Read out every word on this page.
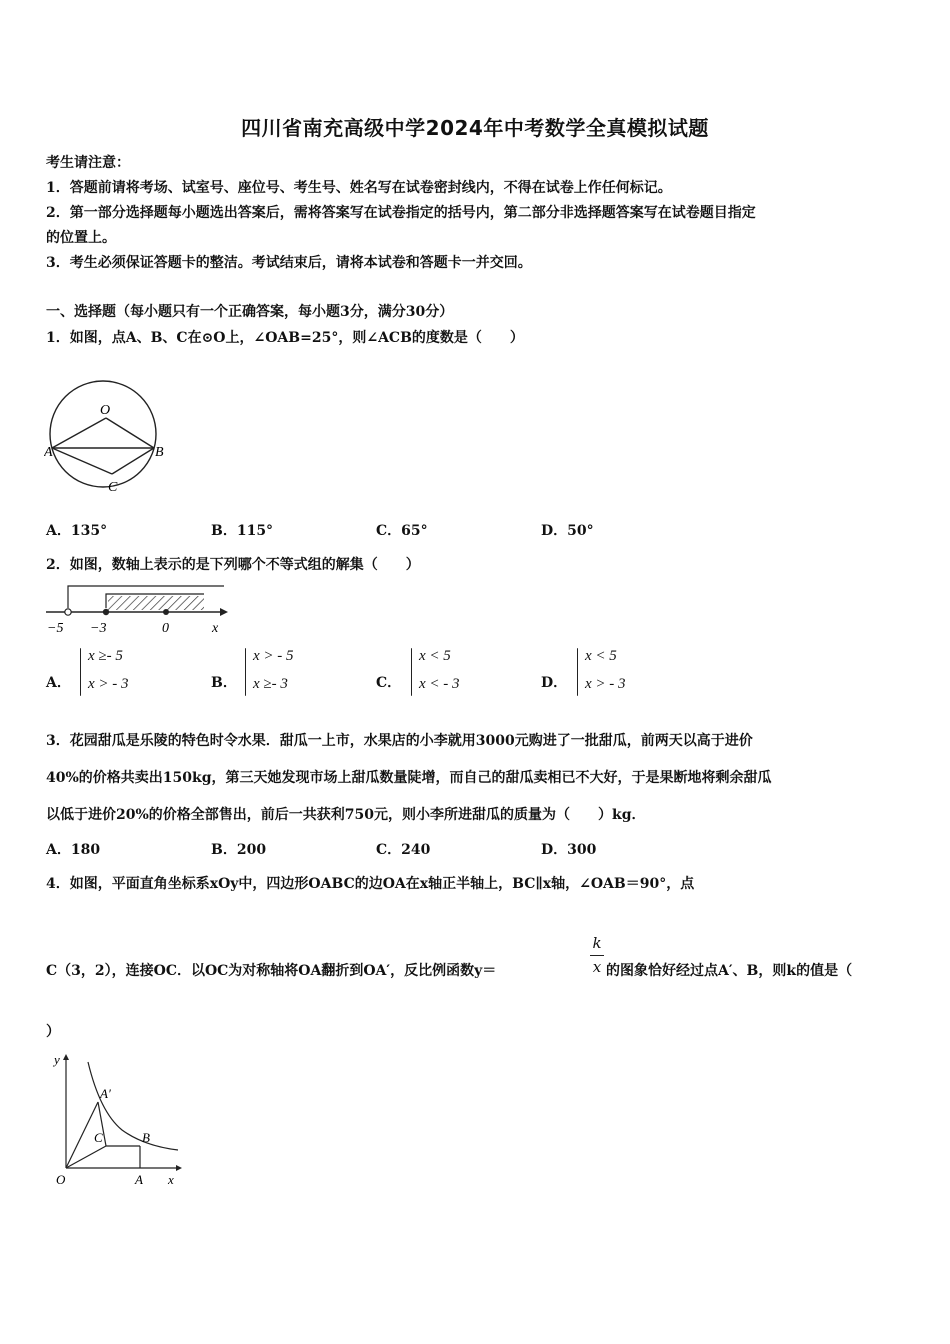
四川省南充高级中学2024年中考数学全真模拟试题
考生请注意：
1．答题前请将考场、试室号、座位号、考生号、姓名写在试卷密封线内，不得在试卷上作任何标记。
2．第一部分选择题每小题选出答案后，需将答案写在试卷指定的括号内，第二部分非选择题答案写在试卷题目指定
的位置上。
3．考生必须保证答题卡的整洁。考试结束后，请将本试卷和答题卡一并交回。
一、选择题（每小题只有一个正确答案，每小题3分，满分30分）
1．如图，点A、B、C在⊙O上，∠OAB=25°，则∠ACB的度数是（　　）
O
A	B
C
A．135°	B．115°	C．65°	D．50°
2．如图，数轴上表示的是下列哪个不等式组的解集（　　）
−5 −3	0	x
A．
x ≥- 5
x > - 3	B．
x > - 5
x ≥- 3	C．
x < 5
x < - 3	D．
x < 5
x > - 3
3．花园甜瓜是乐陵的特色时令水果．甜瓜一上市，水果店的小李就用3000元购进了一批甜瓜，前两天以高于进价
40%的价格共卖出150kg，第三天她发现市场上甜瓜数量陡增，而自己的甜瓜卖相已不大好，于是果断地将剩余甜瓜
以低于进价20%的价格全部售出，前后一共获利750元，则小李所进甜瓜的质量为（　　）kg．
A．180	B．200	C．240	D．300
4．如图，平面直角坐标系xOy中，四边形OABC的边OA在x轴正半轴上，BC∥x轴，∠OAB＝90°，点
C（3，2），连接OC．以OC为对称轴将OA翻折到OA′，反比例函数y＝
k
x 的图象恰好经过点A′、B，则k的值是（
）
y
A′
C	B
O	A x
